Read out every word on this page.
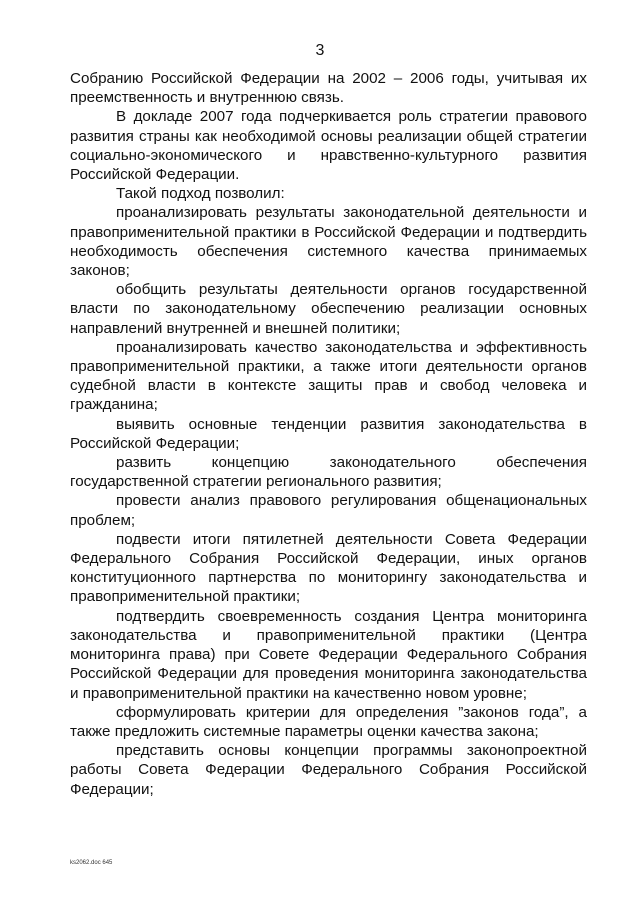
3

Собранию Российской Федерации на 2002 – 2006 годы, учитывая их преемственность и внутреннюю связь.

В докладе 2007 года подчеркивается роль стратегии правового развития страны как необходимой основы реализации общей стратегии социально-экономического и нравственно-культурного развития Российской Федерации.

Такой подход позволил:

проанализировать результаты законодательной деятельности и правоприменительной практики в Российской Федерации и подтвердить необходимость обеспечения системного качества принимаемых законов;

обобщить результаты деятельности органов государственной власти по законодательному обеспечению реализации основных направлений внутренней и внешней политики;

проанализировать качество законодательства и эффективность правоприменительной практики, а также итоги деятельности органов судебной власти в контексте защиты прав и свобод человека и гражданина;

выявить основные тенденции развития законодательства в Российской Федерации;

развить концепцию законодательного обеспечения государственной стратегии регионального развития;

провести анализ правового регулирования общенациональных проблем;

подвести итоги пятилетней деятельности Совета Федерации Федерального Собрания Российской Федерации, иных органов конституционного партнерства по мониторингу законодательства и правоприменительной практики;

подтвердить своевременность создания Центра мониторинга законодательства и правоприменительной практики (Центра мониторинга права) при Совете Федерации Федерального Собрания Российской Федерации для проведения мониторинга законодательства и правоприменительной практики на качественно новом уровне;

сформулировать критерии для определения ”законов года”, а также предложить системные параметры оценки качества закона;

представить основы концепции программы законопроектной работы Совета Федерации Федерального Собрания Российской Федерации;

ks2062.doc 645
